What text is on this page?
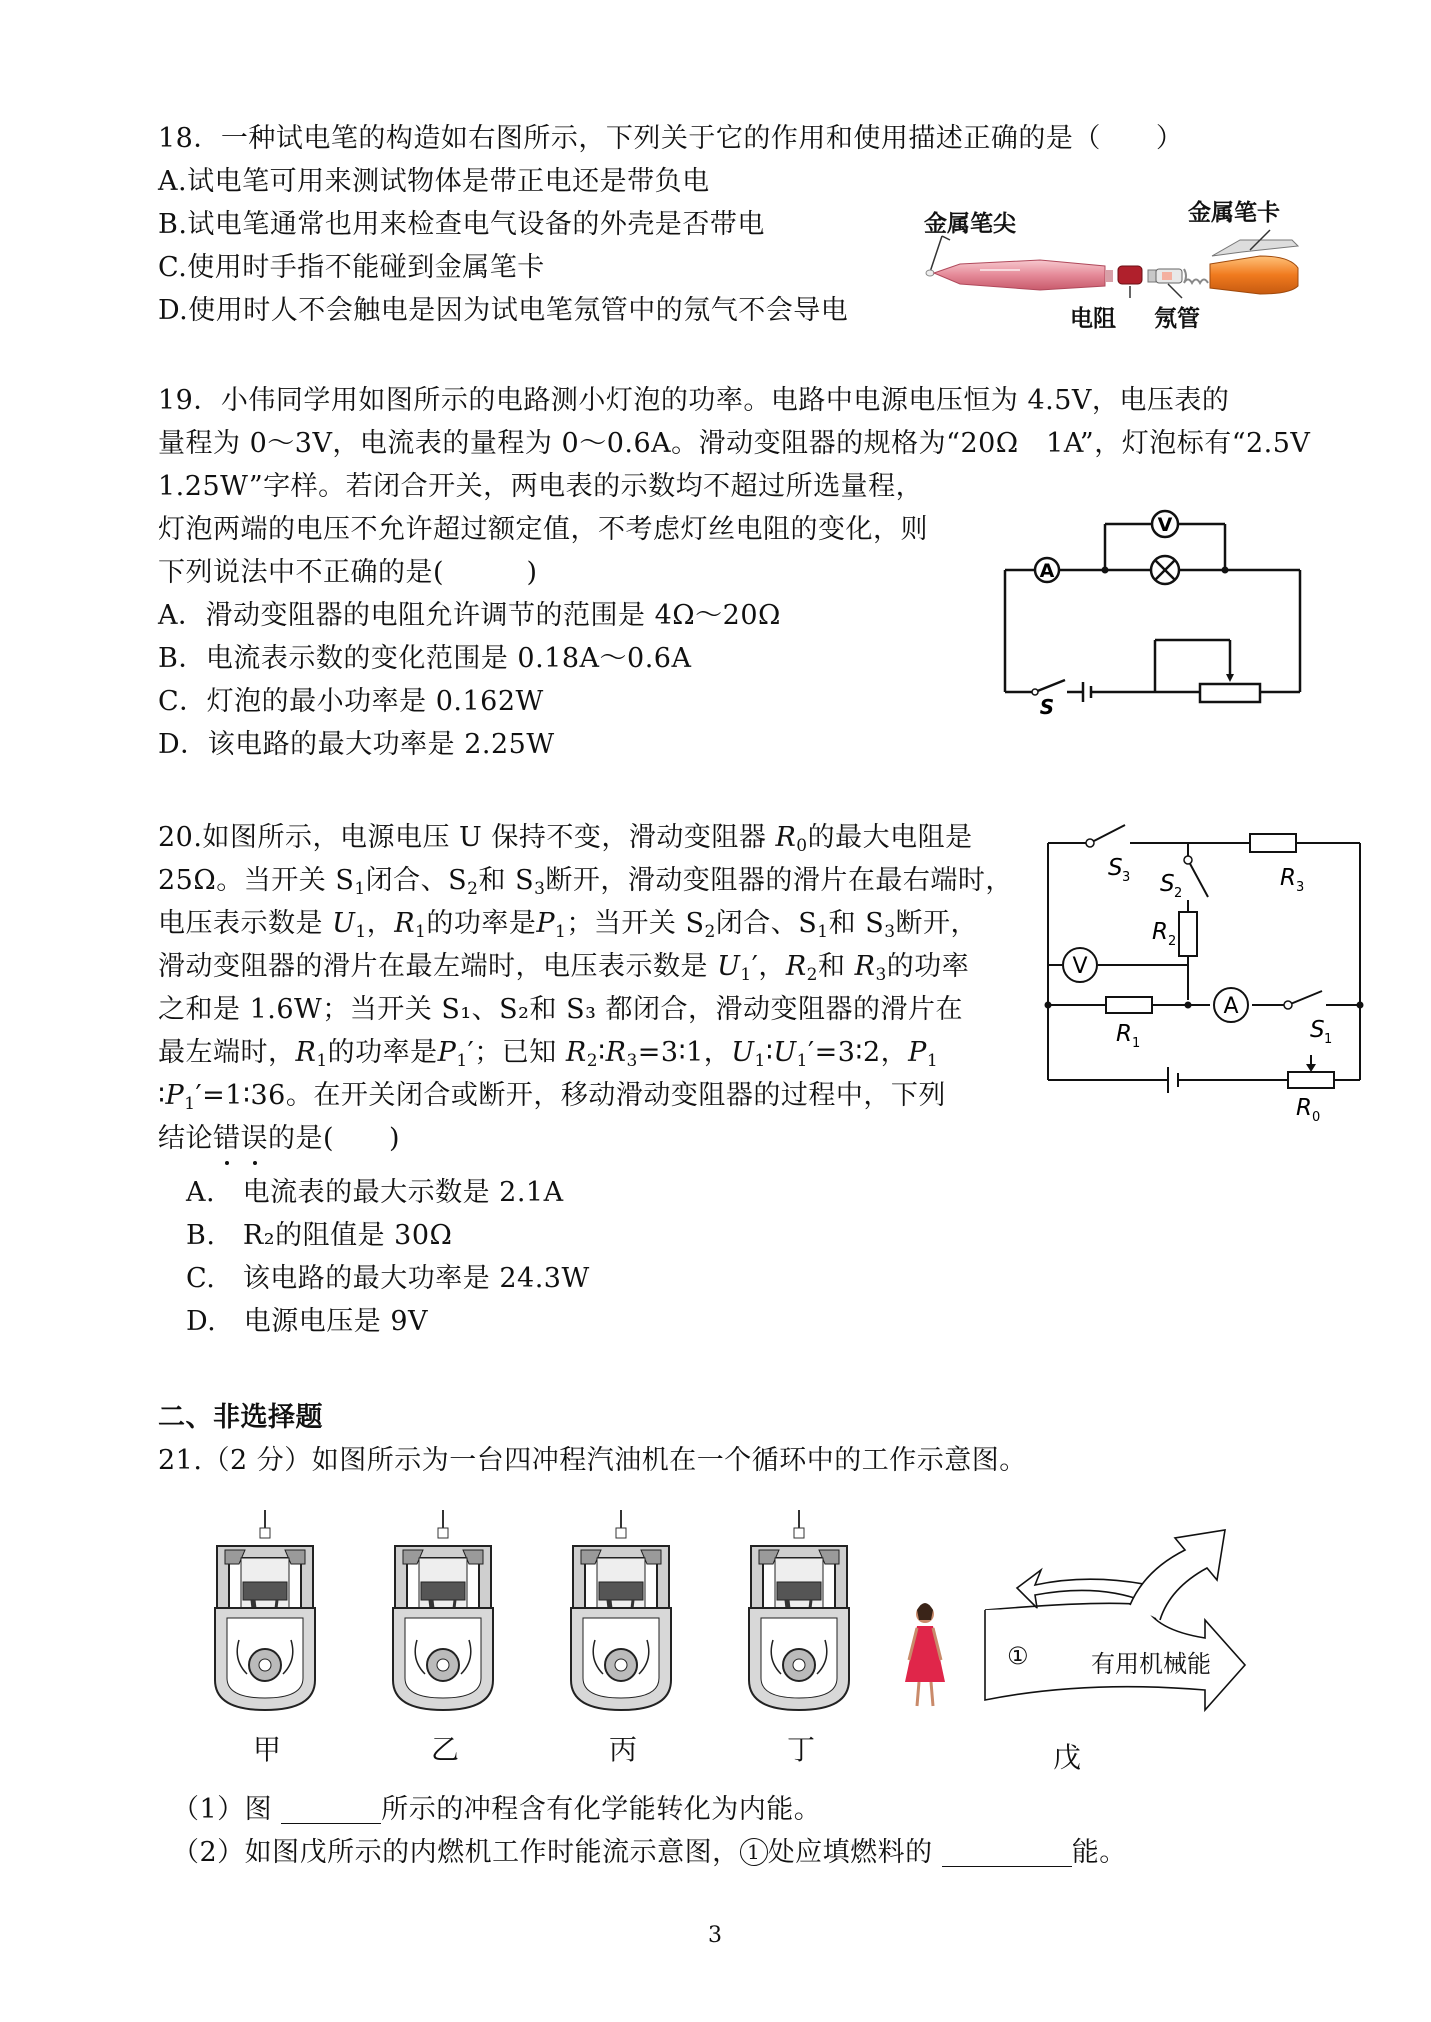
18．一种试电笔的构造如右图所示，下列关于它的作用和使用描述正确的是（　　）
A.试电笔可用来测试物体是带正电还是带负电
B.试电笔通常也用来检查电气设备的外壳是否带电
C.使用时手指不能碰到金属笔卡
D.使用时人不会触电是因为试电笔氖管中的氖气不会导电
金属笔尖	金属笔卡
电阻 氖管
19．小伟同学用如图所示的电路测小灯泡的功率。电路中电源电压恒为 4.5V，电压表的
量程为 0～3V，电流表的量程为 0～0.6A。滑动变阻器的规格为“20Ω　1A”，灯泡标有“2.5V
1.25W”字样。若闭合开关，两电表的示数均不超过所选量程，
灯泡两端的电压不允许超过额定值，不考虑灯丝电阻的变化，则
下列说法中不正确的是(　　　)
A．滑动变阻器的电阻允许调节的范围是 4Ω～20Ω
B．电流表示数的变化范围是 0.18A～0.6A
C．灯泡的最小功率是 0.162W
D．该电路的最大功率是 2.25W
A
V
S
20.如图所示，电源电压 U 保持不变，滑动变阻器 $R_0$的最大电阻是
25Ω。当开关 $S_1$闭合、$S_2$和 $S_3$断开，滑动变阻器的滑片在最右端时，
电压表示数是 $U_1$，$R_1$的功率是$P_1$；当开关 $S_2$闭合、$S_1$和 $S_3$断开，
滑动变阻器的滑片在最左端时，电压表示数是 $U_1'$，$R_2$和 $R_3$的功率
之和是 1.6W；当开关 S₁、S₂和 S₃ 都闭合，滑动变阻器的滑片在
最左端时，$R_1$的功率是$P_1'$；已知 $R_2∶R_3=3∶1$，$U_1∶U_1'=3∶2$，$P_1$
$∶P_1'=1∶36$。在开关闭合或断开，移动滑动变阻器的过程中，下列
结论错误的是(　　)
A.　电流表的最大示数是 2.1A
B.　R₂的阻值是 30Ω
C.　该电路的最大功率是 24.3W
D.　电源电压是 9V
V
A
S 3 S 2
R 3
R 2
R 1
S 1
R 0
二、非选择题
21.（2 分）如图所示为一台四冲程汽油机在一个循环中的工作示意图。
甲	乙	丙	丁	戊
①	有用机械能
（1）图	所示的冲程含有化学能转化为内能。
（2）如图戊所示的内燃机工作时能流示意图， 1 处应填燃料的	能。
3
